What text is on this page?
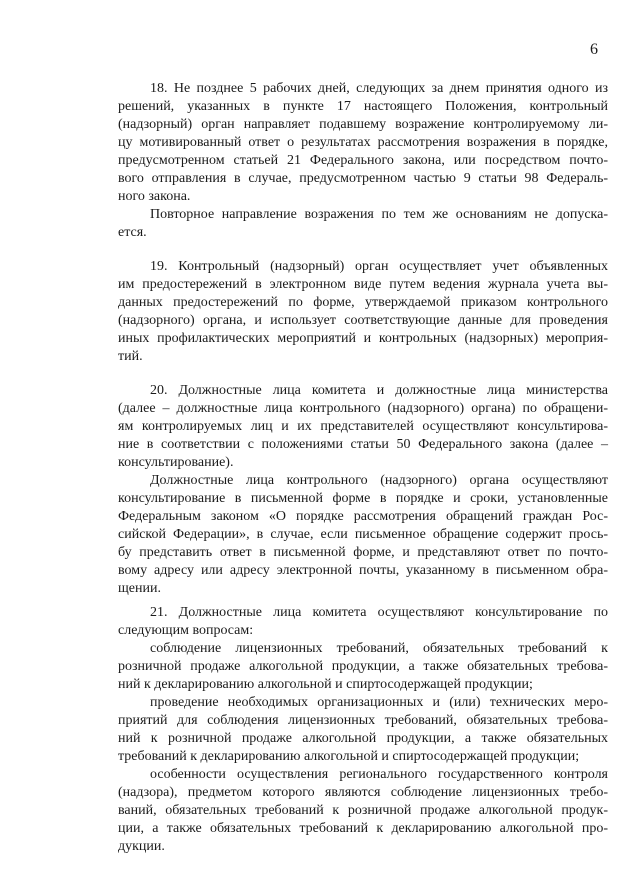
6
18. Не позднее 5 рабочих дней, следующих за днем принятия одного из
решений, указанных в пункте 17 настоящего Положения, контрольный
(надзорный) орган направляет подавшему возражение контролируемому ли-
цу мотивированный ответ о результатах рассмотрения возражения в порядке,
предусмотренном статьей 21 Федерального закона, или посредством почто-
вого отправления в случае, предусмотренном частью 9 статьи 98 Федераль-
ного закона.
Повторное направление возражения по тем же основаниям не допуска-
ется.
19. Контрольный (надзорный) орган осуществляет учет объявленных
им предостережений в электронном виде путем ведения журнала учета вы-
данных предостережений по форме, утверждаемой приказом контрольного
(надзорного) органа, и использует соответствующие данные для проведения
иных профилактических мероприятий и контрольных (надзорных) мероприя-
тий.
20. Должностные лица комитета и должностные лица министерства
(далее – должностные лица контрольного (надзорного) органа) по обращени-
ям контролируемых лиц и их представителей осуществляют консультирова-
ние в соответствии с положениями статьи 50 Федерального закона (далее –
консультирование).
Должностные лица контрольного (надзорного) органа осуществляют
консультирование в письменной форме в порядке и сроки, установленные
Федеральным законом «О порядке рассмотрения обращений граждан Рос-
сийской Федерации», в случае, если письменное обращение содержит прось-
бу представить ответ в письменной форме, и представляют ответ по почто-
вому адресу или адресу электронной почты, указанному в письменном обра-
щении.
21. Должностные лица комитета осуществляют консультирование по
следующим вопросам:
соблюдение лицензионных требований, обязательных требований к
розничной продаже алкогольной продукции, а также обязательных требова-
ний к декларированию алкогольной и спиртосодержащей продукции;
проведение необходимых организационных и (или) технических меро-
приятий для соблюдения лицензионных требований, обязательных требова-
ний к розничной продаже алкогольной продукции, а также обязательных
требований к декларированию алкогольной и спиртосодержащей продукции;
особенности осуществления регионального государственного контроля
(надзора), предметом которого являются соблюдение лицензионных требо-
ваний, обязательных требований к розничной продаже алкогольной продук-
ции, а также обязательных требований к декларированию алкогольной про-
дукции.
